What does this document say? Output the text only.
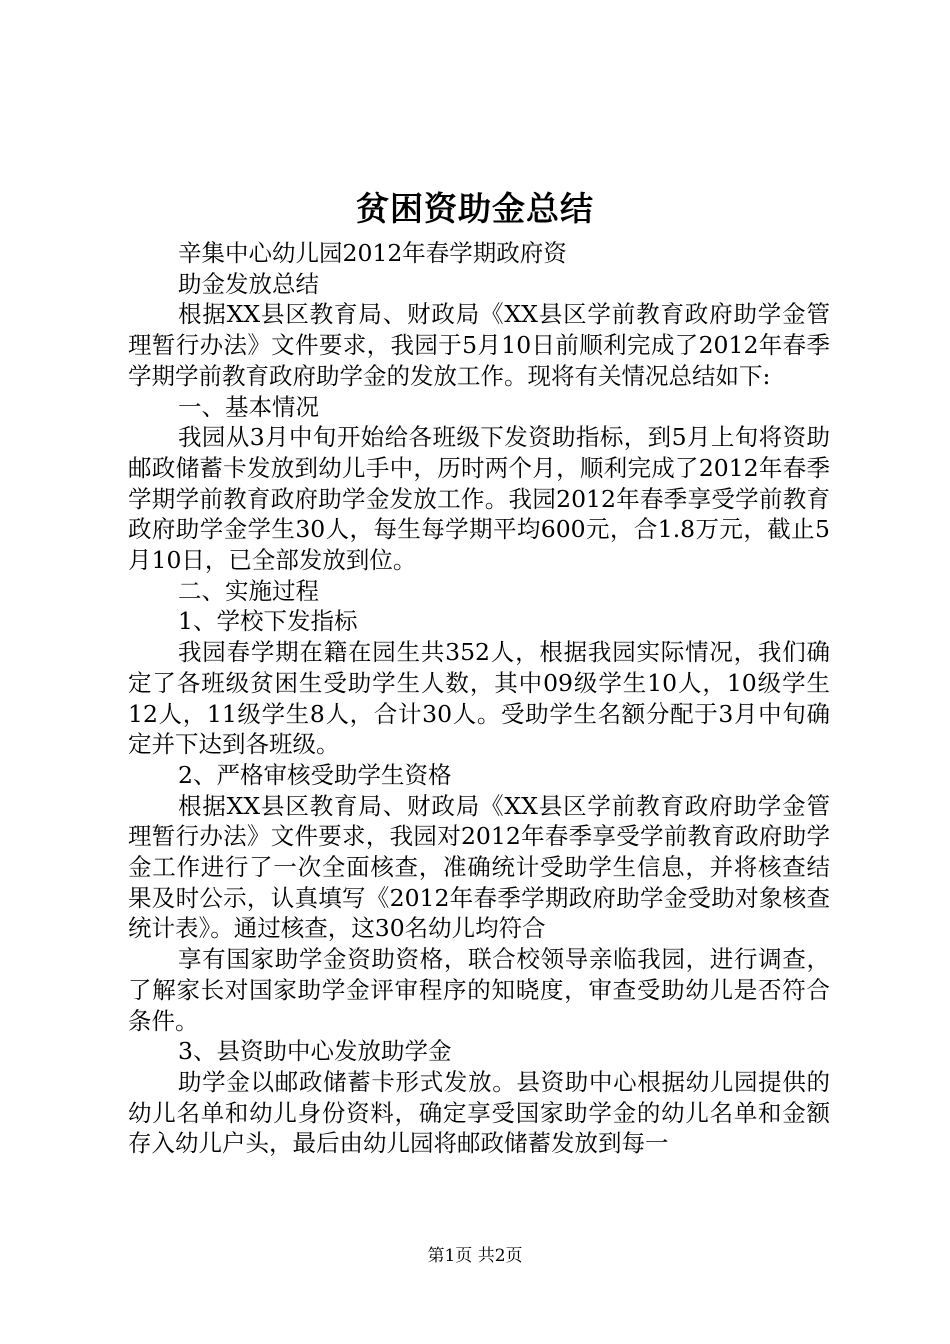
贫困资助金总结

辛集中心幼儿园2012年春学期政府资

助金发放总结

根据XX县区教育局、财政局《XX县区学前教育政府助学金管理暂行办法》文件要求，我园于5月10日前顺利完成了2012年春季学期学前教育政府助学金的发放工作。现将有关情况总结如下:

一、基本情况

我园从3月中旬开始给各班级下发资助指标，到5月上旬将资助邮政储蓄卡发放到幼儿手中，历时两个月，顺利完成了2012年春季学期学前教育政府助学金发放工作。我园2012年春季享受学前教育政府助学金学生30人，每生每学期平均600元，合1.8万元，截止5月10日，已全部发放到位。

二、实施过程

1、学校下发指标

我园春学期在籍在园生共352人，根据我园实际情况，我们确定了各班级贫困生受助学生人数，其中09级学生10人，10级学生12人，11级学生8人，合计30人。受助学生名额分配于3月中旬确定并下达到各班级。

2、严格审核受助学生资格

根据XX县区教育局、财政局《XX县区学前教育政府助学金管理暂行办法》文件要求，我园对2012年春季享受学前教育政府助学金工作进行了一次全面核查，准确统计受助学生信息，并将核查结果及时公示，认真填写《2012年春季学期政府助学金受助对象核查统计表》。通过核查，这30名幼儿均符合

享有国家助学金资助资格，联合校领导亲临我园，进行调查，了解家长对国家助学金评审程序的知晓度，审查受助幼儿是否符合条件。

3、县资助中心发放助学金

助学金以邮政储蓄卡形式发放。县资助中心根据幼儿园提供的幼儿名单和幼儿身份资料，确定享受国家助学金的幼儿名单和金额存入幼儿户头，最后由幼儿园将邮政储蓄发放到每一

第1页 共2页
